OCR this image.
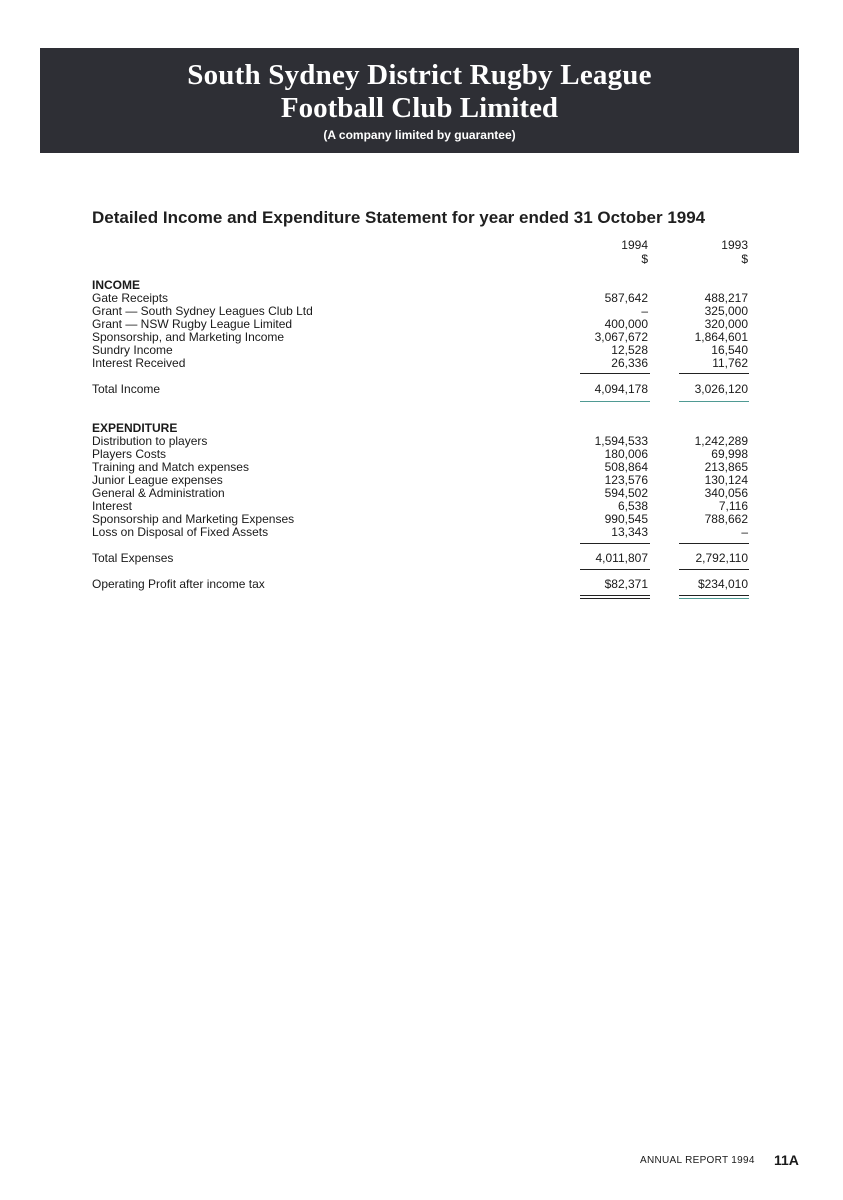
South Sydney District Rugby League
Football Club Limited
(A company limited by guarantee)
Detailed Income and Expenditure Statement for year ended 31 October 1994
1994
$
1993
$
INCOME
Gate Receipts	587,642	488,217
Grant — South Sydney Leagues Club Ltd	–	325,000
Grant — NSW Rugby League Limited	400,000	320,000
Sponsorship, and Marketing Income	3,067,672	1,864,601
Sundry Income	12,528	16,540
Interest Received	26,336	11,762
Total Income	4,094,178	3,026,120
EXPENDITURE
Distribution to players	1,594,533	1,242,289
Players Costs	180,006	69,998
Training and Match expenses	508,864	213,865
Junior League expenses	123,576	130,124
General & Administration	594,502	340,056
Interest	6,538	7,116
Sponsorship and Marketing Expenses	990,545	788,662
Loss on Disposal of Fixed Assets	13,343	–
Total Expenses	4,011,807	2,792,110
Operating Profit after income tax	$82,371	$234,010
ANNUAL REPORT 1994 11A
